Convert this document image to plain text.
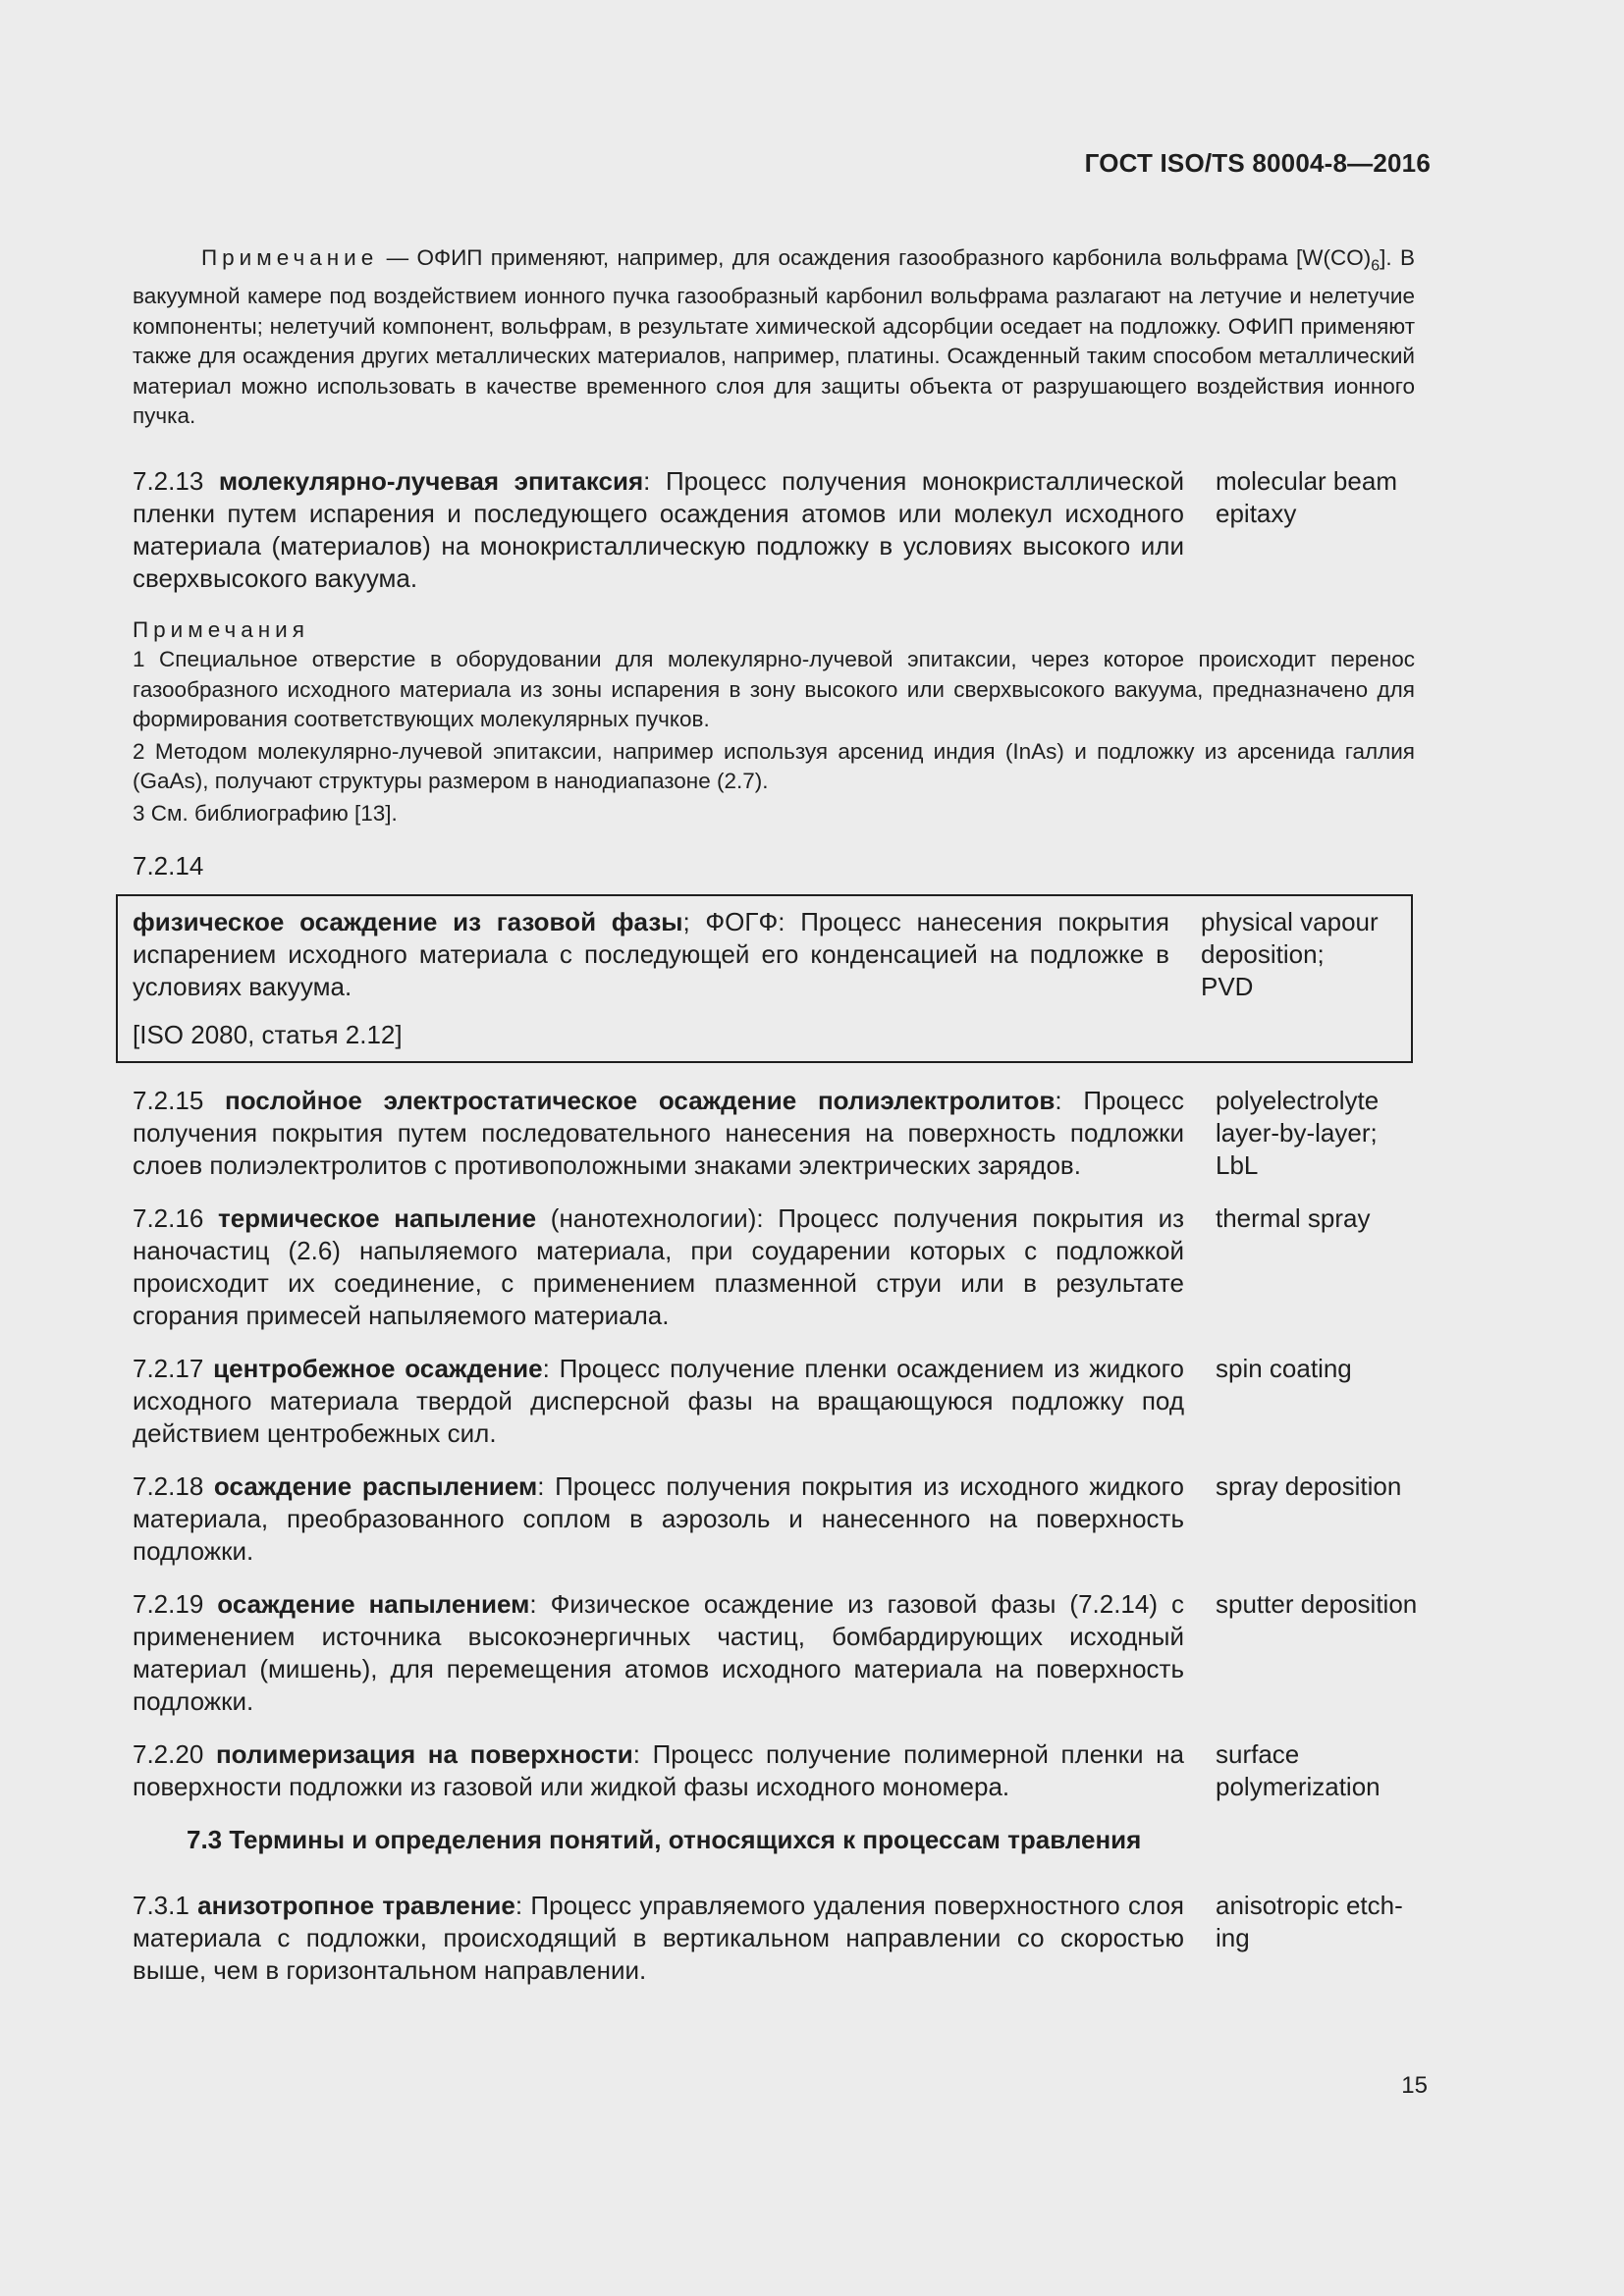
ГОСТ ISO/TS 80004-8—2016

Примечание — ОФИП применяют, например, для осаждения газообразного карбонила вольфрама $[W(CO)_6]$. В вакуумной камере под воздействием ионного пучка газообразный карбонил вольфрама разлагают на летучие и нелетучие компоненты; нелетучий компонент, вольфрам, в результате химической адсорбции оседает на подложку. ОФИП применяют также для осаждения других металлических материалов, например, платины. Осажденный таким способом металлический материал можно использовать в качестве временного слоя для защиты объекта от разрушающего воздействия ионного пучка.

7.2.13 молекулярно-лучевая эпитаксия: Процесс получения монокристаллической пленки путем испарения и последующего осаждения атомов или молекул исходного материала (материалов) на монокристаллическую подложку в условиях высокого или сверхвысокого вакуума.
molecular beam epitaxy
Примечания

1 Специальное отверстие в оборудовании для молекулярно-лучевой эпитаксии, через которое происходит перенос газообразного исходного материала из зоны испарения в зону высокого или сверхвысокого вакуума, предназначено для формирования соответствующих молекулярных пучков.

2 Методом молекулярно-лучевой эпитаксии, например используя арсенид индия (InAs) и подложку из арсенида галлия (GaAs), получают структуры размером в нанодиапазоне (2.7).

3 См. библиографию [13].

7.2.14
физическое осаждение из газовой фазы; ФОГФ: Процесс нанесения покрытия испарением исходного материала с последующей его конденсацией на подложке в условиях вакуума.
physical vapour
deposition;
PVD
[ISO 2080, статья 2.12]
7.2.15 послойное электростатическое осаждение полиэлектролитов: Процесс получения покрытия путем последовательного нанесения на поверхность подложки слоев полиэлектролитов с противоположными знаками электрических зарядов.
polyelectrolyte
layer-by-layer;
LbL
7.2.16 термическое напыление (нанотехнологии): Процесс получения покрытия из наночастиц (2.6) напыляемого материала, при соударении которых с подложкой происходит их соединение, с применением плазменной струи или в результате сгорания примесей напыляемого материала.
thermal spray
7.2.17 центробежное осаждение: Процесс получение пленки осаждением из жидкого исходного материала твердой дисперсной фазы на вращающуюся подложку под действием центробежных сил.
spin coating
7.2.18 осаждение распылением: Процесс получения покрытия из исходного жидкого материала, преобразованного соплом в аэрозоль и нанесенного на поверхность подложки.
spray deposition
7.2.19 осаждение напылением: Физическое осаждение из газовой фазы (7.2.14) с применением источника высокоэнергичных частиц, бомбардирующих исходный материал (мишень), для перемещения атомов исходного материала на поверхность подложки.
sputter deposition
7.2.20 полимеризация на поверхности: Процесс получение полимерной пленки на поверхности подложки из газовой или жидкой фазы исходного мономера.
surface
polymerization
7.3 Термины и определения понятий, относящихся к процессам травления
7.3.1 анизотропное травление: Процесс управляемого удаления поверхностного слоя материала с подложки, происходящий в вертикальном направлении со скоростью выше, чем в горизонтальном направлении.
anisotropic etch-
ing
15
